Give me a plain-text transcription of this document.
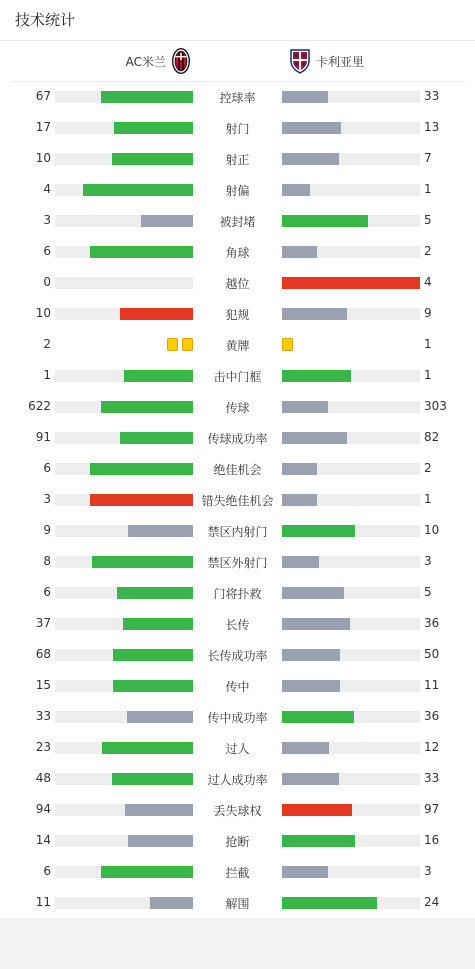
技术统计
AC米兰	卡利亚里
67	控球率	33
17	射门	13
10	射正	7
4	射偏	1
3	被封堵	5
6	角球	2
0	越位	4
10	犯规	9
2	黄牌	1
1	击中门框	1
622	传球	303
91	传球成功率	82
6	绝佳机会	2
3	错失绝佳机会	1
9	禁区内射门	10
8	禁区外射门	3
6	门将扑救	5
37	长传	36
68	长传成功率	50
15	传中	11
33	传中成功率	36
23	过人	12
48	过人成功率	33
94	丢失球权	97
14	抢断	16
6	拦截	3
11	解围	24
